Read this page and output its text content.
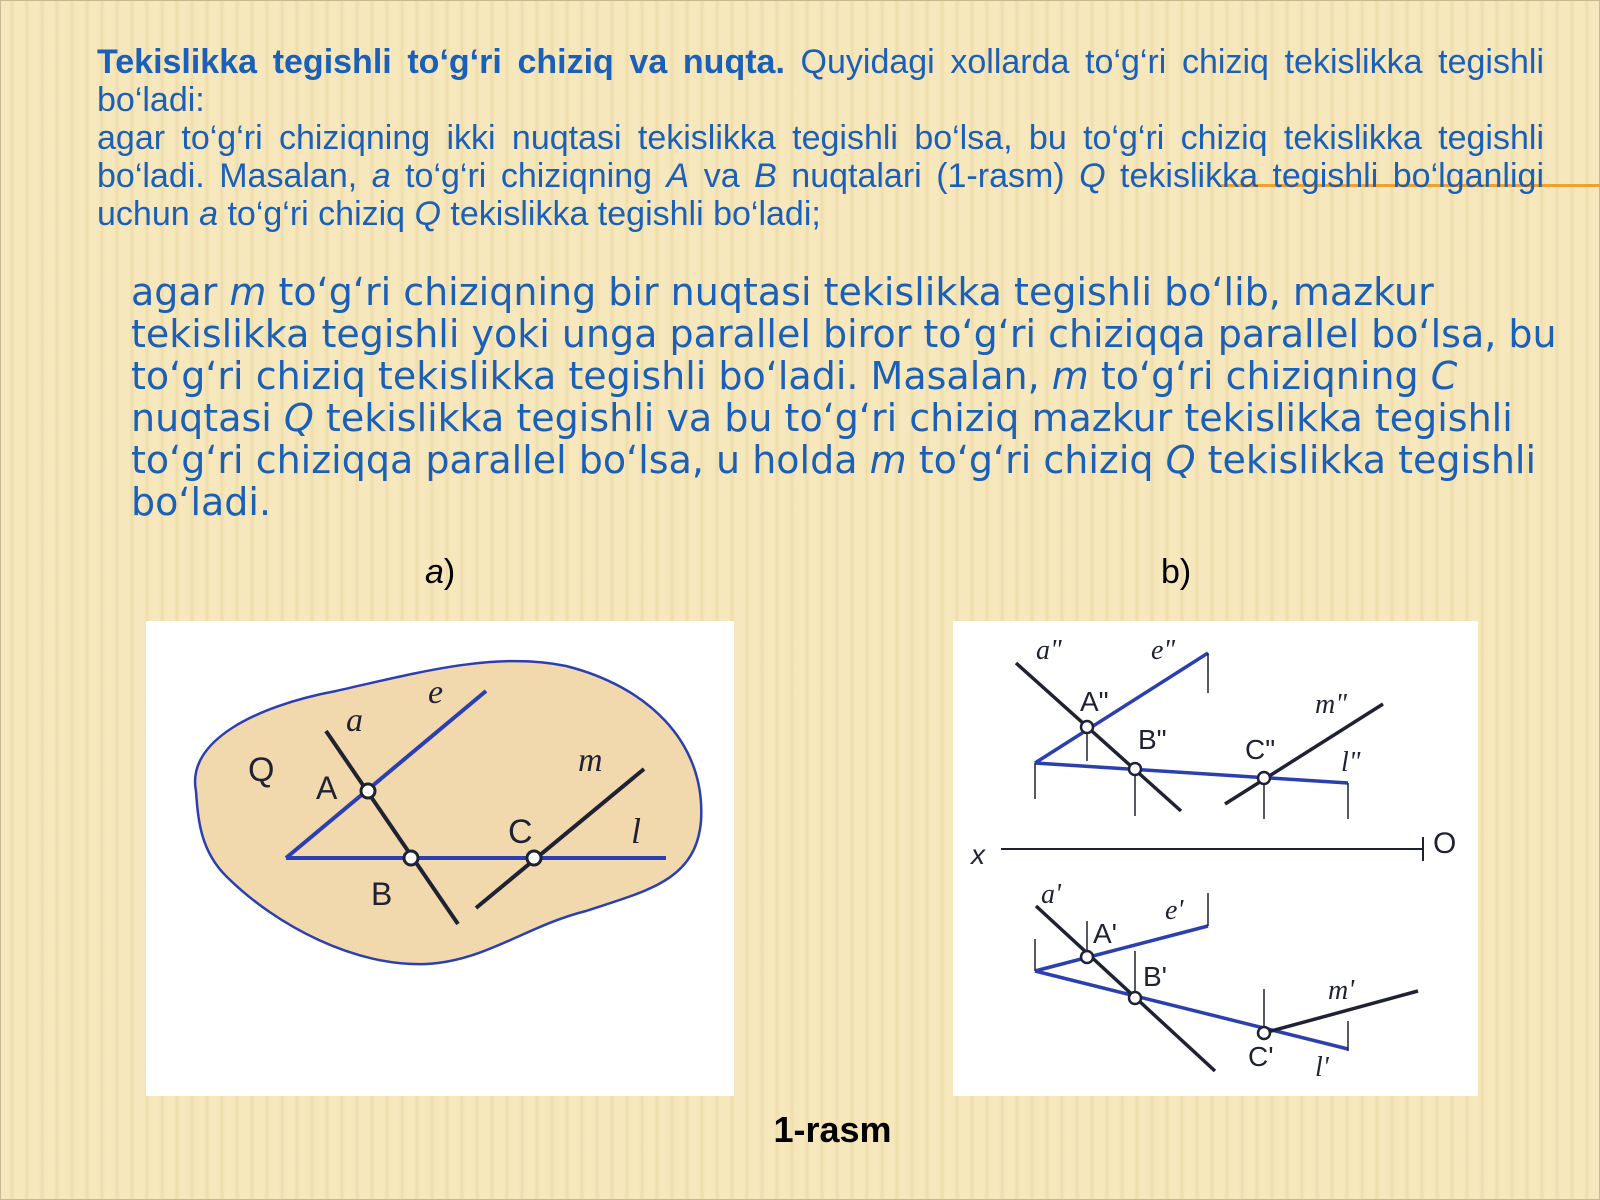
Tekislikka tegishli to‘g‘ri chiziq va nuqta. Quyidagi xollarda to‘g‘ri chiziq tekislikka tegishli bo‘ladi:

agar to‘g‘ri chiziqning ikki nuqtasi tekislikka tegishli bo‘lsa, bu to‘g‘ri chiziq tekislikka tegishli bo‘ladi. Masalan, a to‘g‘ri chiziqning A va B nuqtalari (1-rasm) Q tekislikka tegishli bo‘lganligi uchun a to‘g‘ri chiziq Q tekislikka tegishli bo‘ladi;

agar m to‘g‘ri chiziqning bir nuqtasi tekislikka tegishli bo‘lib, mazkur tekislikka tegishli yoki unga parallel biror to‘g‘ri chiziqqa parallel bo‘lsa, bu to‘g‘ri chiziq tekislikka tegishli bo‘ladi. Masalan, m to‘g‘ri chiziqning C nuqtasi Q tekislikka tegishli va bu to‘g‘ri chiziq mazkur tekislikka tegishli to‘g‘ri chiziqqa parallel bo‘lsa, u holda m to‘g‘ri chiziq Q tekislikka tegishli bo‘ladi.
a)	b)
Q A
B
C
a
e
m
l
a"	e"
A"
B"	C"
m"
l"
x	O
a'
e'
A'
B'
C'
m'
l'
1-rasm
